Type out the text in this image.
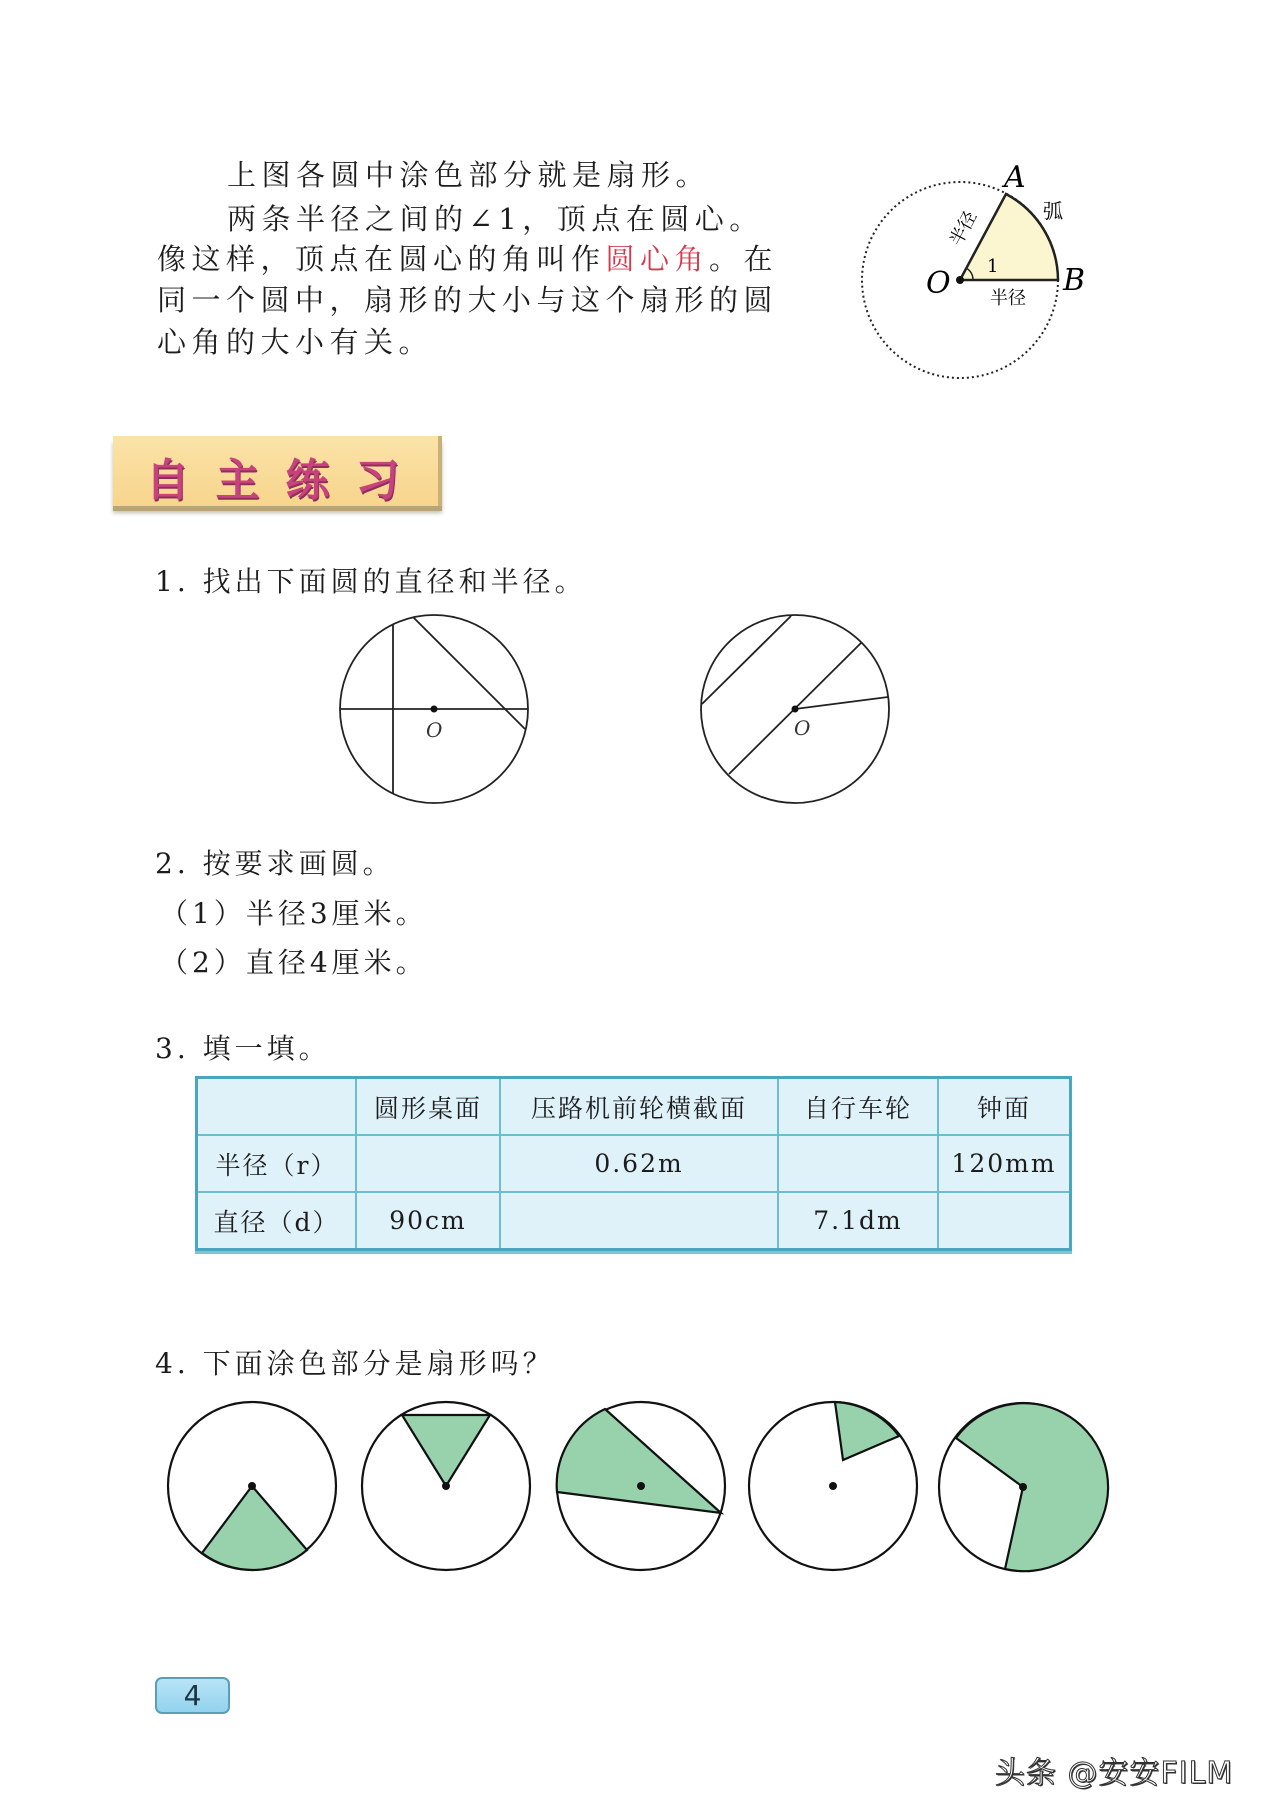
上图各圆中涂色部分就是扇形。
两条半径之间的∠1，顶点在圆心。
像这样，顶点在圆心的角叫作圆心角。在
同一个圆中，扇形的大小与这个扇形的圆
心角的大小有关。
A
B
O
弧
1
半径
半径
O	O
自主练习
1. 找出下面圆的直径和半径。
2. 按要求画圆。
（1）半径3厘米。
（2）直径4厘米。
3. 填一填。
	圆形桌面	压路机前轮横截面	自行车轮	钟面
半径（r）		0.62m		120mm
直径（d）	90cm		7.1dm	
4. 下面涂色部分是扇形吗？
4
头条 @安安FILM
